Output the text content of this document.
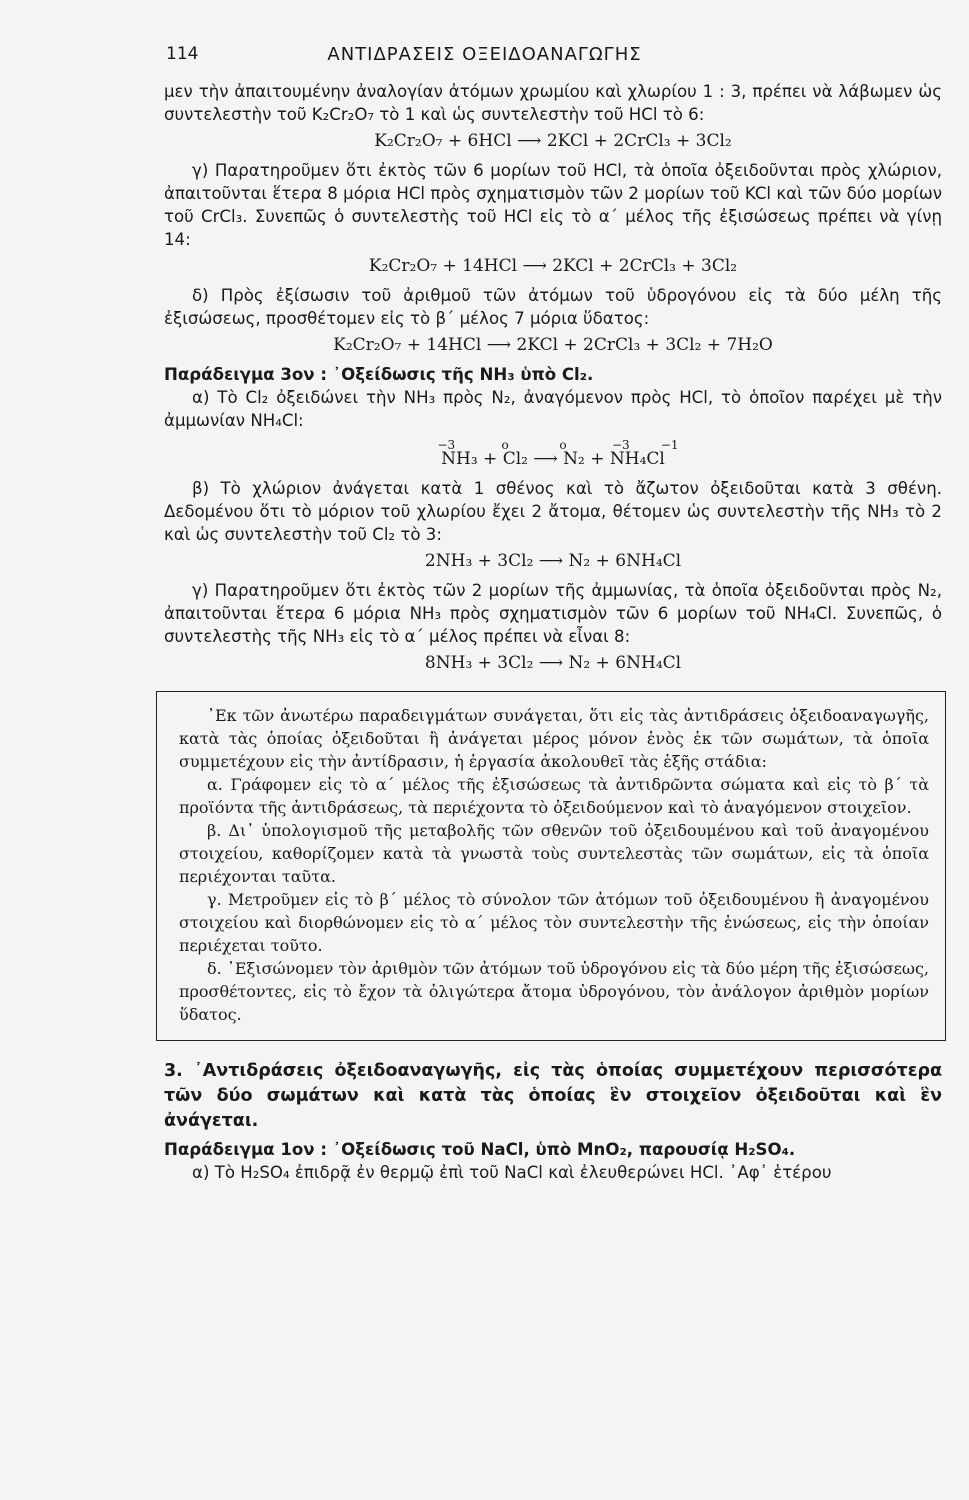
114	ΑΝΤΙΔΡΑΣΕΙΣ ΟΞΕΙΔΟΑΝΑΓΩΓΗΣ

μεν τὴν ἀπαιτουμένην ἀναλογίαν ἀτόμων χρωμίου καὶ χλωρίου 1 : 3, πρέπει νὰ λάβωμεν ὡς συντελεστὴν τοῦ K₂Cr₂O₇ τὸ 1 καὶ ὡς συντελεστὴν τοῦ HCl τὸ 6:

K₂Cr₂O₇ + 6HCl ⟶ 2KCl + 2CrCl₃ + 3Cl₂

γ) Παρατηροῦμεν ὅτι ἐκτὸς τῶν 6 μορίων τοῦ HCl, τὰ ὁποῖα ὀξειδοῦνται πρὸς χλώριον, ἀπαιτοῦνται ἕτερα 8 μόρια HCl πρὸς σχηματισμὸν τῶν 2 μορίων τοῦ KCl καὶ τῶν δύο μορίων τοῦ CrCl₃. Συνεπῶς ὁ συντελεστὴς τοῦ HCl εἰς τὸ α΄ μέλος τῆς ἐξισώσεως πρέπει νὰ γίνῃ 14:

K₂Cr₂O₇ + 14HCl ⟶ 2KCl + 2CrCl₃ + 3Cl₂

δ) Πρὸς ἐξίσωσιν τοῦ ἀριθμοῦ τῶν ἀτόμων τοῦ ὑδρογόνου εἰς τὰ δύο μέλη τῆς ἐξισώσεως, προσθέτομεν εἰς τὸ β΄ μέλος 7 μόρια ὕδατος:

K₂Cr₂O₇ + 14HCl ⟶ 2KCl + 2CrCl₃ + 3Cl₂ + 7H₂O

Παράδειγμα 3ον : ᾿Οξείδωσις τῆς NH₃ ὑπὸ Cl₂.

α) Τὸ Cl₂ ὀξειδώνει τὴν NH₃ πρὸς N₂, ἀναγόμενον πρὸς HCl, τὸ ὁποῖον παρέχει μὲ τὴν ἀμμωνίαν NH₄Cl:

−3	o	o	−3	−1
NH₃ + Cl₂ ⟶ N₂ + NH₄Cl

β) Τὸ χλώριον ἀνάγεται κατὰ 1 σθένος καὶ τὸ ἄζωτον ὀξειδοῦται κατὰ 3 σθένη. Δεδομένου ὅτι τὸ μόριον τοῦ χλωρίου ἔχει 2 ἄτομα, θέτομεν ὡς συντελεστὴν τῆς NH₃ τὸ 2 καὶ ὡς συντελεστὴν τοῦ Cl₂ τὸ 3:

2NH₃ + 3Cl₂ ⟶ N₂ + 6NH₄Cl

γ) Παρατηροῦμεν ὅτι ἐκτὸς τῶν 2 μορίων τῆς ἀμμωνίας, τὰ ὁποῖα ὀξειδοῦνται πρὸς N₂, ἀπαιτοῦνται ἕτερα 6 μόρια NH₃ πρὸς σχηματισμὸν τῶν 6 μορίων τοῦ NH₄Cl. Συνεπῶς, ὁ συντελεστὴς τῆς NH₃ εἰς τὸ α΄ μέλος πρέπει νὰ εἶναι 8:

8NH₃ + 3Cl₂ ⟶ N₂ + 6NH₄Cl

᾿Εκ τῶν ἀνωτέρω παραδειγμάτων συνάγεται, ὅτι εἰς τὰς ἀντιδράσεις ὀξειδοαναγωγῆς, κατὰ τὰς ὁποίας ὀξειδοῦται ἢ ἀνάγεται μέρος μόνον ἑνὸς ἐκ τῶν σωμάτων, τὰ ὁποῖα συμμετέχουν εἰς τὴν ἀντίδρασιν, ἡ ἐργασία ἀκολουθεῖ τὰς ἑξῆς στάδια:

α. Γράφομεν εἰς τὸ α΄ μέλος τῆς ἐξισώσεως τὰ ἀντιδρῶντα σώματα καὶ εἰς τὸ β΄ τὰ προϊόντα τῆς ἀντιδράσεως, τὰ περιέχοντα τὸ ὀξειδούμενον καὶ τὸ ἀναγόμενον στοιχεῖον.

β. Δι᾿ ὑπολογισμοῦ τῆς μεταβολῆς τῶν σθενῶν τοῦ ὀξειδουμένου καὶ τοῦ ἀναγομένου στοιχείου, καθορίζομεν κατὰ τὰ γνωστὰ τοὺς συντελεστὰς τῶν σωμάτων, εἰς τὰ ὁποῖα περιέχονται ταῦτα.

γ. Μετροῦμεν εἰς τὸ β΄ μέλος τὸ σύνολον τῶν ἀτόμων τοῦ ὀξειδουμένου ἢ ἀναγομένου στοιχείου καὶ διορθώνομεν εἰς τὸ α΄ μέλος τὸν συντελεστὴν τῆς ἑνώσεως, εἰς τὴν ὁποίαν περιέχεται τοῦτο.

δ. ᾿Εξισώνομεν τὸν ἀριθμὸν τῶν ἀτόμων τοῦ ὑδρογόνου εἰς τὰ δύο μέρη τῆς ἐξισώσεως, προσθέτοντες, εἰς τὸ ἔχον τὰ ὀλιγώτερα ἄτομα ὑδρογόνου, τὸν ἀνάλογον ἀριθμὸν μορίων ὕδατος.

3. ᾿Αντιδράσεις ὀξειδοαναγωγῆς, εἰς τὰς ὁποίας συμμετέχουν περισσότερα τῶν δύο σωμάτων καὶ κατὰ τὰς ὁποίας ἓν στοιχεῖον ὀξειδοῦται καὶ ἓν ἀνάγεται.

Παράδειγμα 1ον : ᾿Οξείδωσις τοῦ NaCl, ὑπὸ MnO₂, παρουσίᾳ H₂SO₄.

α) Τὸ H₂SO₄ ἐπιδρᾷ ἐν θερμῷ ἐπὶ τοῦ NaCl καὶ ἐλευθερώνει HCl. ᾿Αφ᾿ ἑτέρου
